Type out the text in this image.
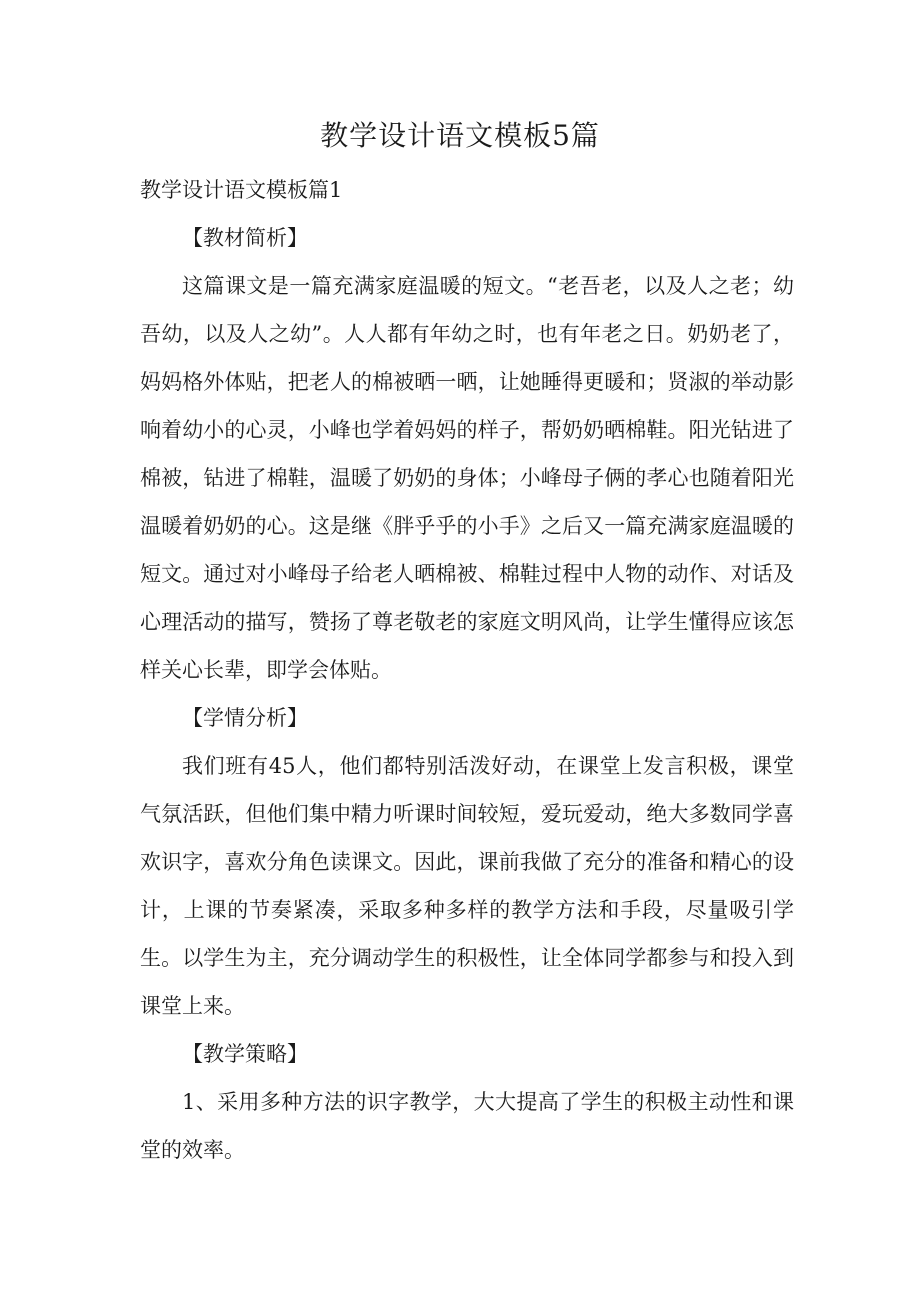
教学设计语文模板5篇

教学设计语文模板篇1

【教材简析】

这篇课文是一篇充满家庭温暖的短文。“老吾老，以及人之老；幼吾幼，以及人之幼”。人人都有年幼之时，也有年老之日。奶奶老了，妈妈格外体贴，把老人的棉被晒一晒，让她睡得更暖和；贤淑的举动影响着幼小的心灵，小峰也学着妈妈的样子，帮奶奶晒棉鞋。阳光钻进了棉被，钻进了棉鞋，温暖了奶奶的身体；小峰母子俩的孝心也随着阳光温暖着奶奶的心。这是继《胖乎乎的小手》之后又一篇充满家庭温暖的短文。通过对小峰母子给老人晒棉被、棉鞋过程中人物的动作、对话及心理活动的描写，赞扬了尊老敬老的家庭文明风尚，让学生懂得应该怎样关心长辈，即学会体贴。

【学情分析】

我们班有45人，他们都特别活泼好动，在课堂上发言积极，课堂气氛活跃，但他们集中精力听课时间较短，爱玩爱动，绝大多数同学喜欢识字，喜欢分角色读课文。因此，课前我做了充分的准备和精心的设计，上课的节奏紧凑，采取多种多样的教学方法和手段，尽量吸引学生。以学生为主，充分调动学生的积极性，让全体同学都参与和投入到课堂上来。

【教学策略】

1、采用多种方法的识字教学，大大提高了学生的积极主动性和课堂的效率。
